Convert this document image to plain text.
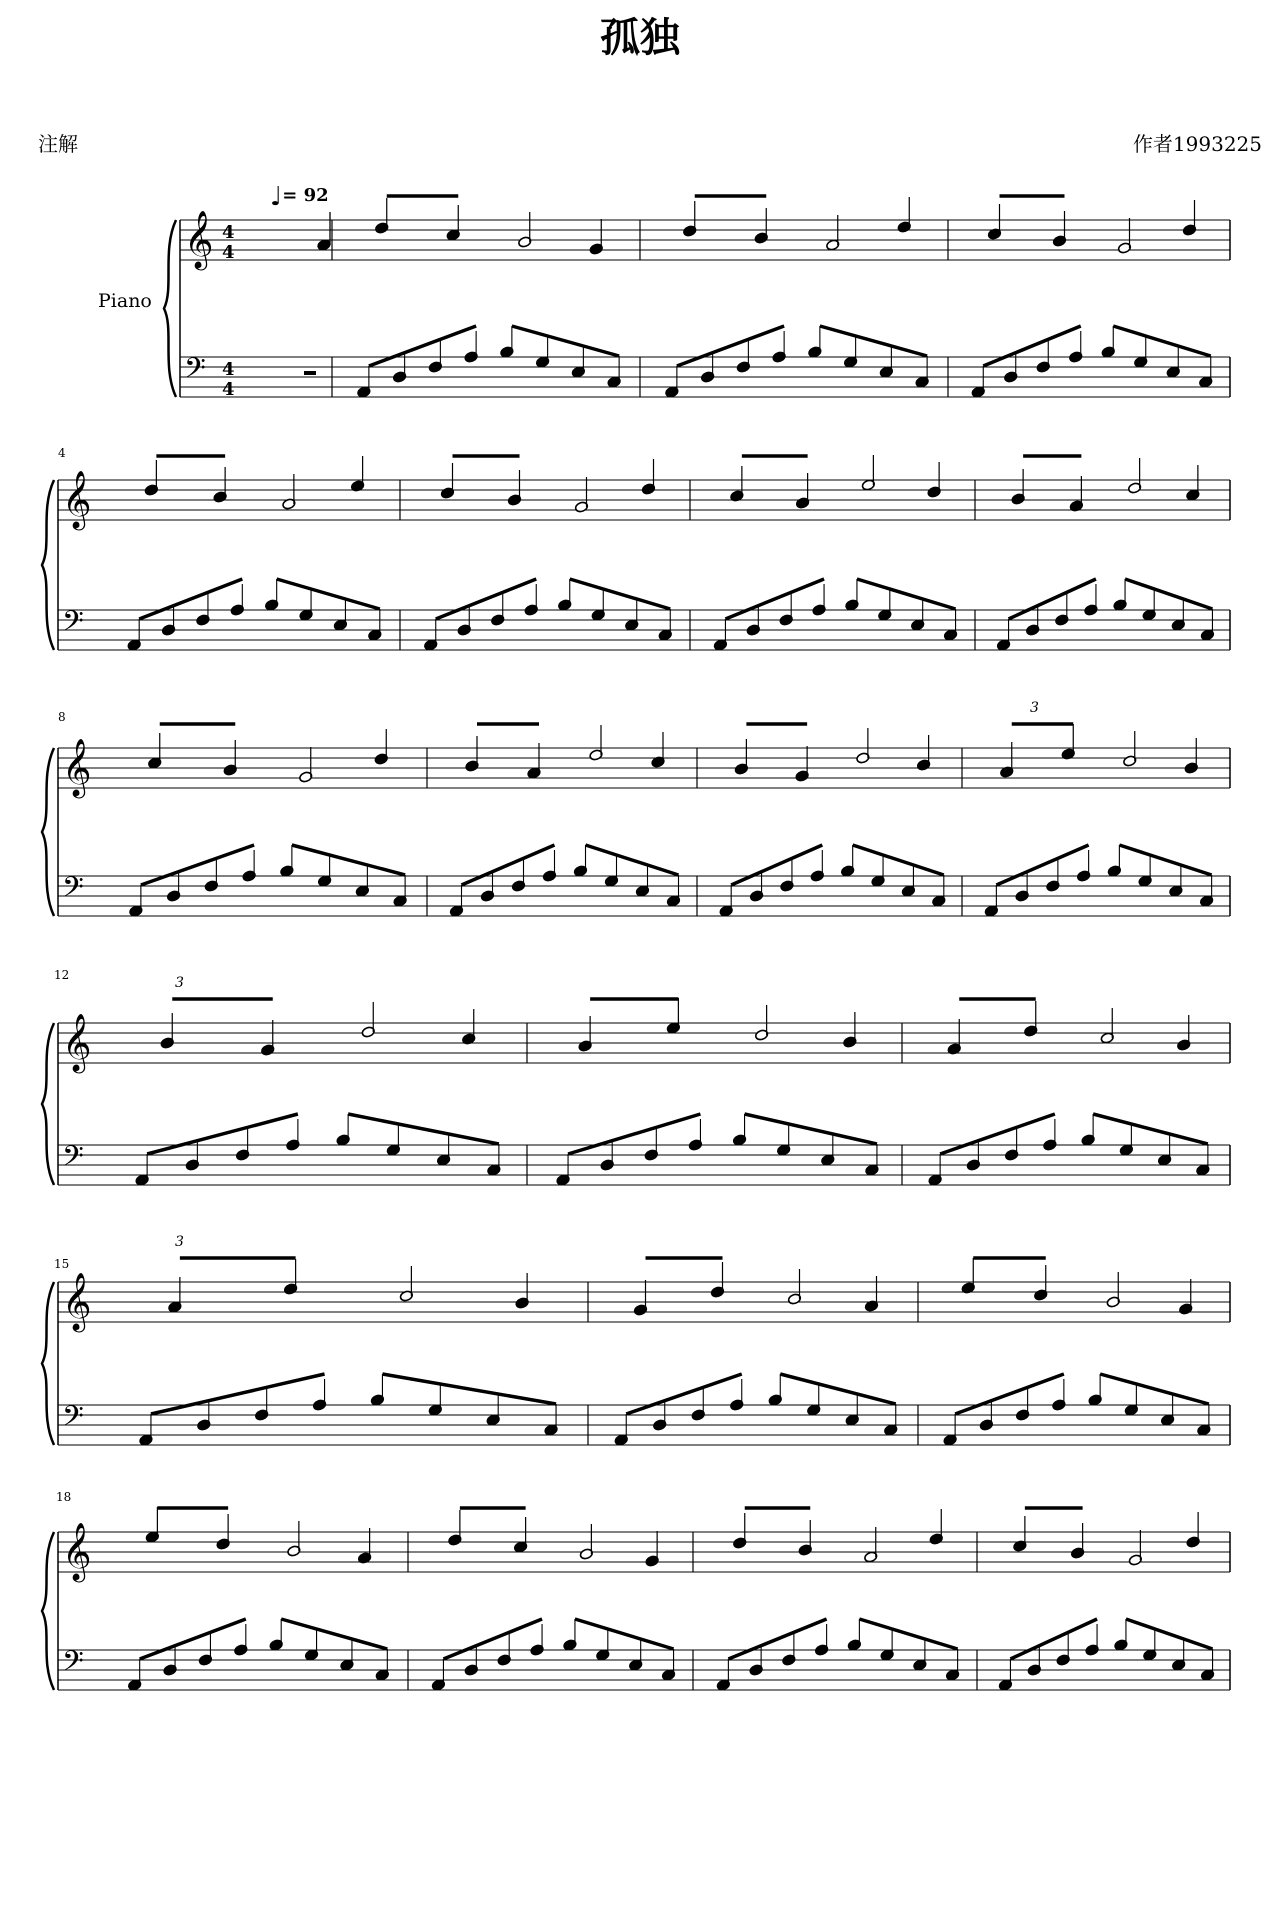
孤独
注解	作者1993225
♩= 92
Piano
4
8
12
15
18
𝄞
𝄢
4
4
4
4
𝄞
𝄢
𝄞
𝄢
𝄞
𝄢
𝄞
𝄢
𝄞
𝄢
3
3
3
